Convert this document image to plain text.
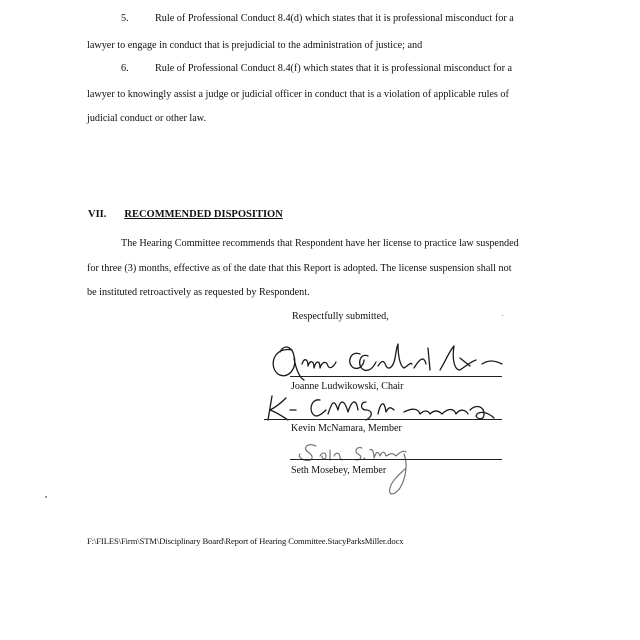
5.	Rule of Professional Conduct 8.4(d) which states that it is professional misconduct for a
lawyer to engage in conduct that is prejudicial to the administration of justice; and
6.	Rule of Professional Conduct 8.4(f) which states that it is professional misconduct for a
lawyer to knowingly assist a judge or judicial officer in conduct that is a violation of applicable rules of
judicial conduct or other law.
VII. RECOMMENDED DISPOSITION
The Hearing Committee recommends that Respondent have her license to practice law suspended
for three (3) months, effective as of the date that this Report is adopted. The license suspension shall not
be instituted retroactively as requested by Respondent.
Respectfully submitted,
Joanne Ludwikowski, Chair
Kevin McNamara, Member
Seth Mosebey, Member
F:\FILES\Firm\STM\Disciplinary Board\Report of Hearing Committee.StacyParksMiller.docx
